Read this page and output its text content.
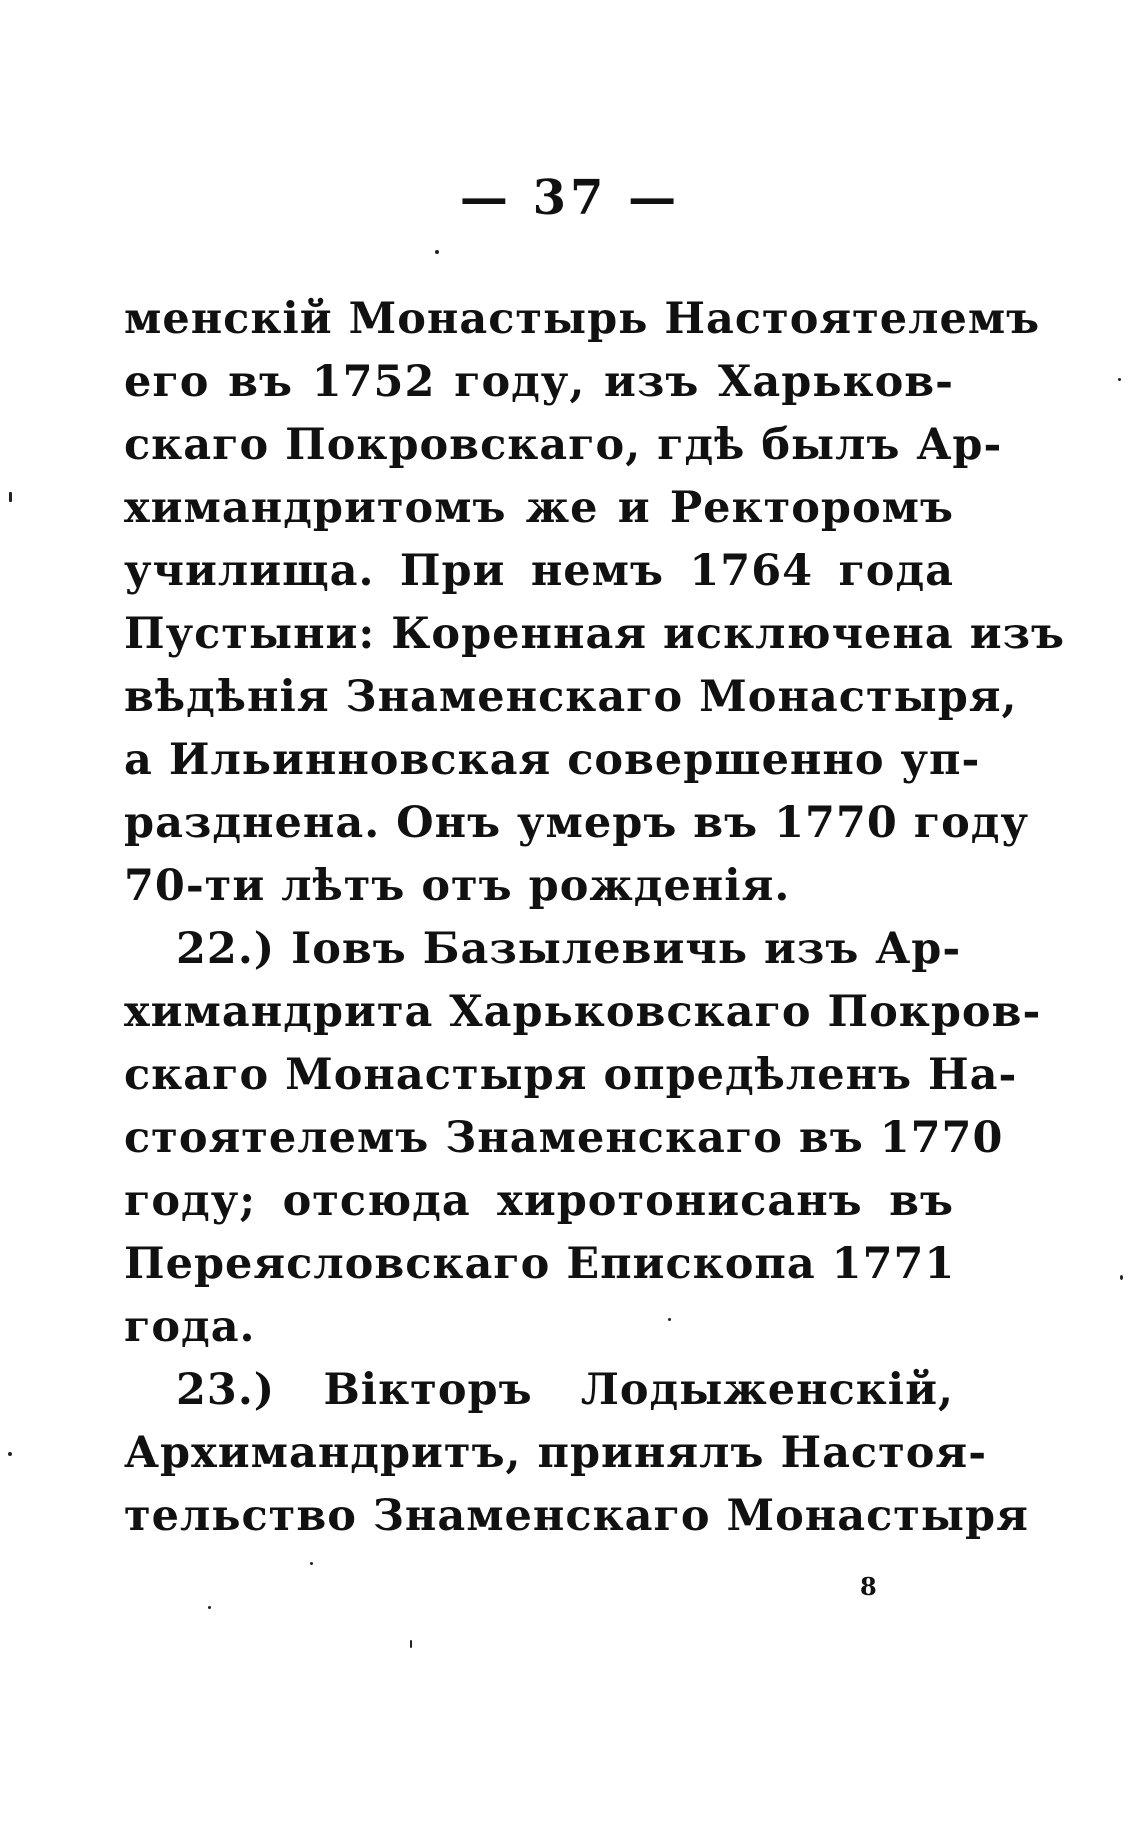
— 37 —
менскій Монастырь Настоятелемъ
его въ 1752 году, изъ Харьков-
скаго Покровскаго, гдѣ былъ Ар-
химандритомъ же и Ректоромъ
училища. При немъ 1764 года
Пустыни: Коренная исключена изъ
вѣдѣнія Знаменскаго Монастыря,
а Ильинновская совершенно уп-
разднена. Онъ умеръ въ 1770 году
70-ти лѣтъ отъ рожденія.
22.) Іовъ Базылевичь изъ Ар-
химандрита Харьковскаго Покров-
скаго Монастыря опредѣленъ На-
стоятелемъ Знаменскаго въ 1770
году; отсюда хиротонисанъ въ
Переясловскаго Епископа 1771
года.
23.) Вікторъ Лодыженскій,
Архимандритъ, принялъ Настоя-
тельство Знаменскаго Монастыря
8
